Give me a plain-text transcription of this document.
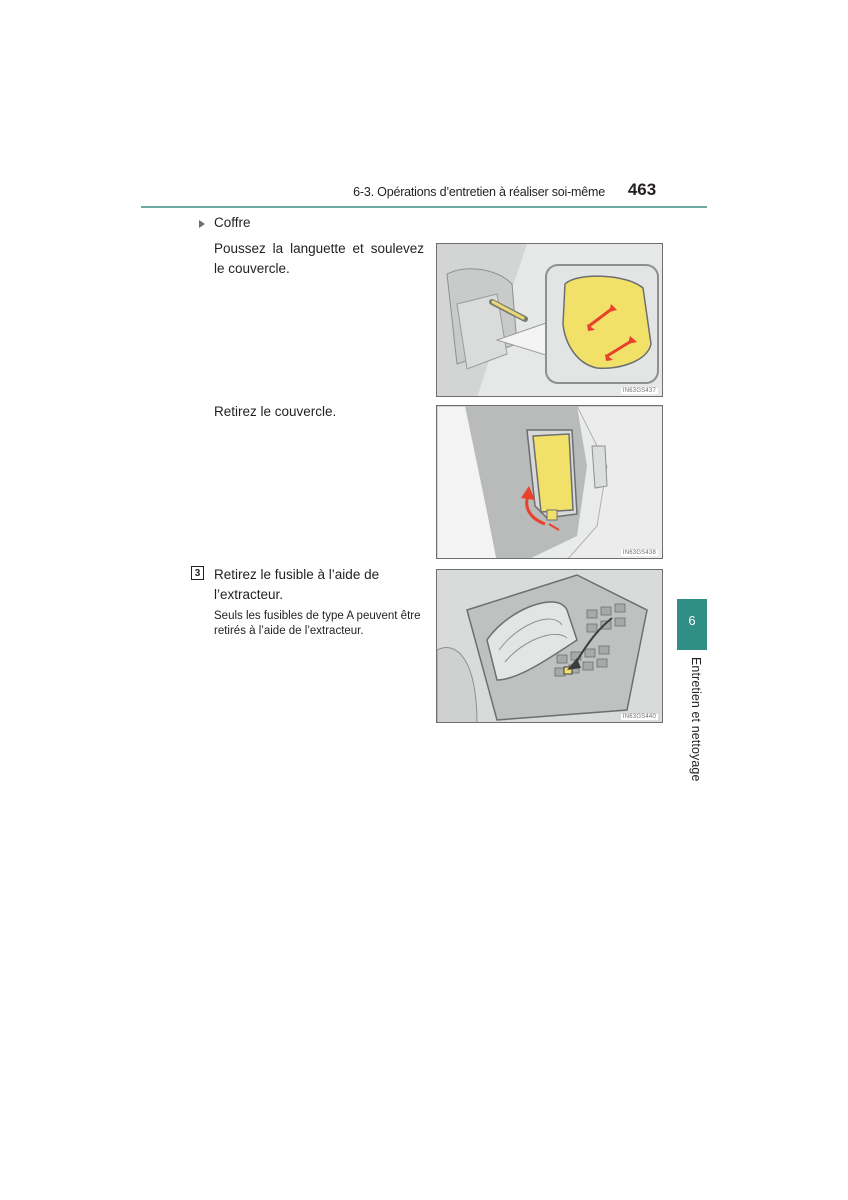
6-3. Opérations d’entretien à réaliser soi-même	463
Coffre
Poussez la languette et soulevez le couvercle.
Retirez le couvercle.
3 Retirez le fusible à l’aide de l’extracteur.
Seuls les fusibles de type A peuvent être retirés à l’aide de l’extracteur.
IN63GS437
IN63GS438
IN63GS440
6
Entretien et nettoyage
